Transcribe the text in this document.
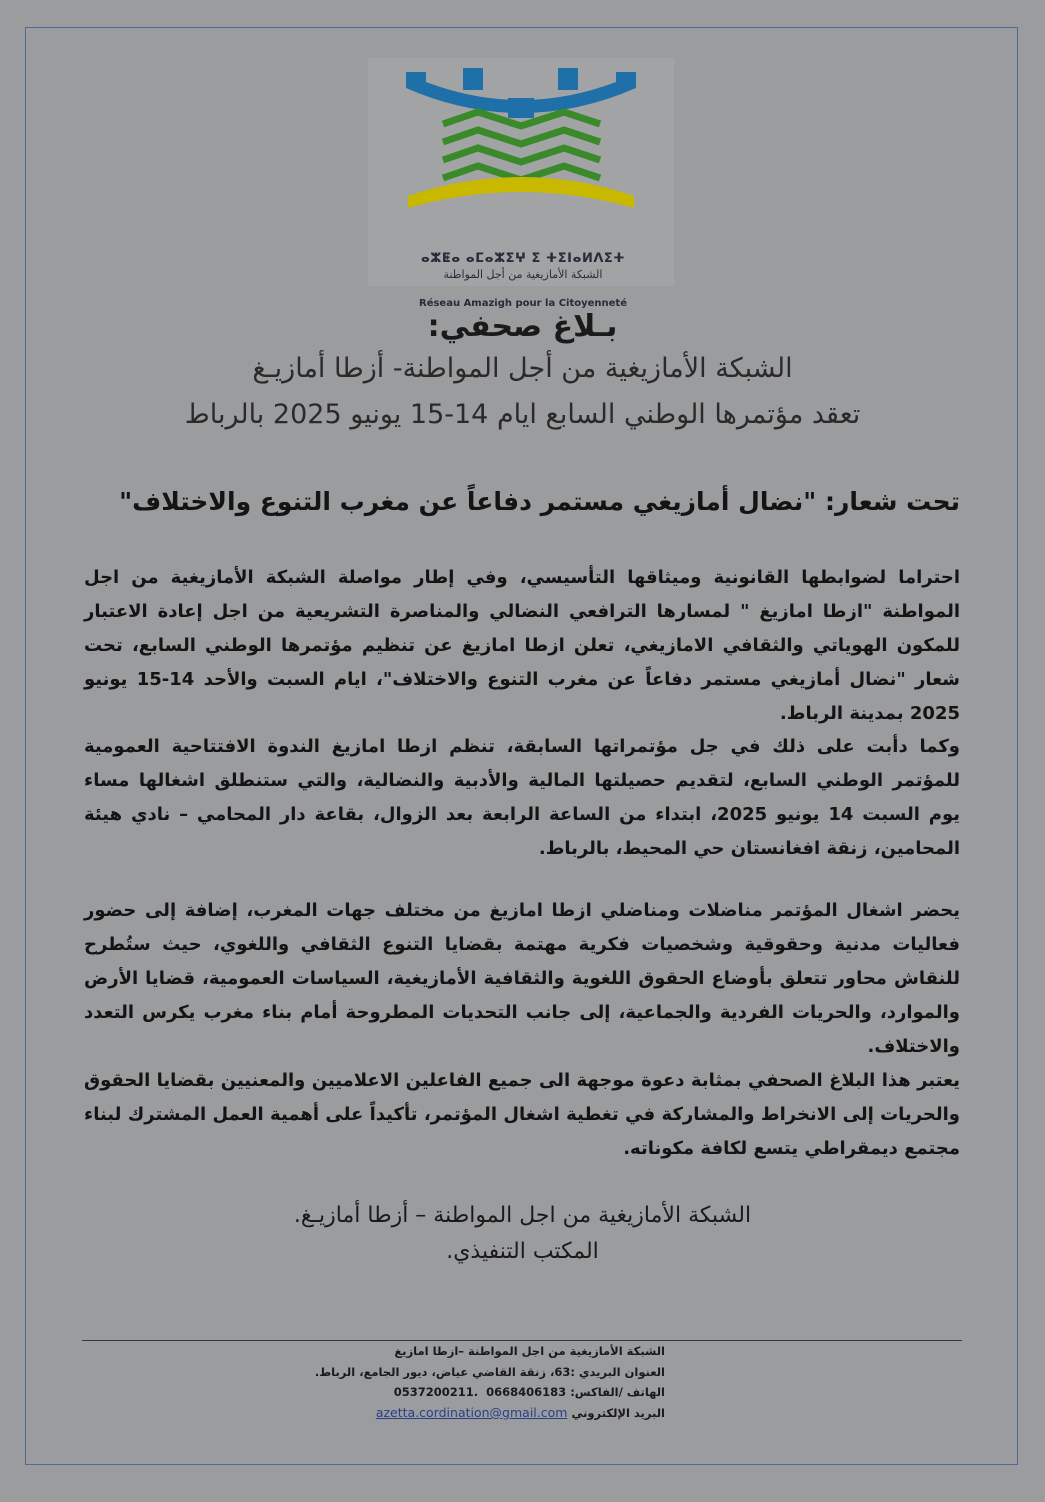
ⴰⵣⵟⴰ ⴰⵎⴰⵣⵉⵖ ⵉ ⵜⵉⵏⴰⵍⴷⵉⵜ
الشبكة الأمازيغية من أجل المواطنة
Réseau Amazigh pour la Citoyenneté
بـلاغ صحفي:
الشبكة الأمازيغية من أجل المواطنة- أزطا أمازيـغ
تعقد مؤتمرها الوطني السابع ايام 14-15 يونيو 2025 بالرباط
تحت شعار: "نضال أمازيغي مستمر دفاعاً عن مغرب التنوع والاختلاف"
احتراما لضوابطها القانونية وميثاقها التأسيسي، وفي إطار مواصلة الشبكة الأمازيغية من اجل المواطنة "ازطا امازيغ " لمسارها الترافعي النضالي والمناصرة التشريعية من اجل إعادة الاعتبار للمكون الهوياتي والثقافي الامازيغي، تعلن ازطا امازيغ عن تنظيم مؤتمرها الوطني السابع، تحت شعار "نضال أمازيغي مستمر دفاعاً عن مغرب التنوع والاختلاف"، ايام السبت والأحد 14-15 يونيو 2025 بمدينة الرباط.
وكما دأبت على ذلك في جل مؤتمراتها السابقة، تنظم ازطا امازيغ الندوة الافتتاحية العمومية للمؤتمر الوطني السابع، لتقديم حصيلتها المالية والأدبية والنضالية، والتي ستنطلق اشغالها مساء يوم السبت 14 يونيو 2025، ابتداء من الساعة الرابعة بعد الزوال، بقاعة دار المحامي – نادي هيئة المحامين، زنقة افغانستان حي المحيط، بالرباط.
يحضر اشغال المؤتمر مناضلات ومناضلي ازطا امازيغ من مختلف جهات المغرب، إضافة إلى حضور فعاليات مدنية وحقوقية وشخصيات فكرية مهتمة بقضايا التنوع الثقافي واللغوي، حيث ستُطرح للنقاش محاور تتعلق بأوضاع الحقوق اللغوية والثقافية الأمازيغية، السياسات العمومية، قضايا الأرض والموارد، والحريات الفردية والجماعية، إلى جانب التحديات المطروحة أمام بناء مغرب يكرس التعدد والاختلاف.
يعتبر هذا البلاغ الصحفي بمثابة دعوة موجهة الى جميع الفاعلين الاعلاميين والمعنيين بقضايا الحقوق والحريات إلى الانخراط والمشاركة في تغطية اشغال المؤتمر، تأكيداً على أهمية العمل المشترك لبناء مجتمع ديمقراطي يتسع لكافة مكوناته.
الشبكة الأمازيغية من اجل المواطنة – أزطا أمازيـغ.
المكتب التنفيذي.
الشبكة الأمازيغية من اجل المواطنة –ازطا امازيغ
العنوان البريدي :63، زنقة القاضي عياض، ديور الجامع، الرباط.
الهاتف /الفاكس: 0537200211.  0668406183
البريد الإلكتروني azetta.cordination@gmail.com
